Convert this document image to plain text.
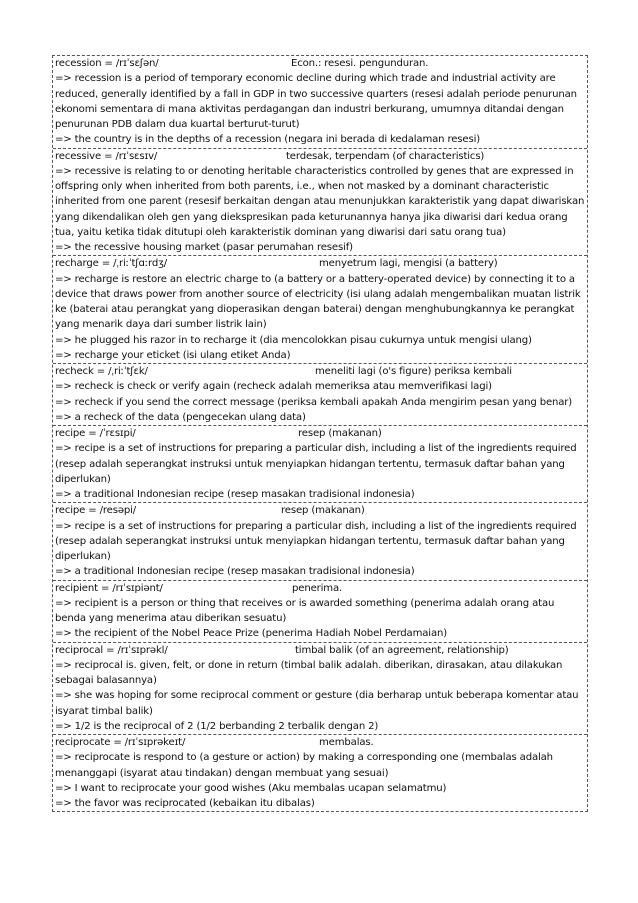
recession = /rɪˈsɛʃən/	Econ.: resesi. pengunduran.
=> recession is a period of temporary economic decline during which trade and industrial activity are reduced, generally identified by a fall in GDP in two successive quarters (resesi adalah periode penurunan ekonomi sementara di mana aktivitas perdagangan dan industri berkurang, umumnya ditandai dengan penurunan PDB dalam dua kuartal berturut-turut)
=> the country is in the depths of a recession (negara ini berada di kedalaman resesi)
recessive = /rɪˈsɛsɪv/	terdesak, terpendam (of characteristics)
=> recessive is relating to or denoting heritable characteristics controlled by genes that are expressed in offspring only when inherited from both parents, i.e., when not masked by a dominant characteristic inherited from one parent (resesif berkaitan dengan atau menunjukkan karakteristik yang dapat diwariskan yang dikendalikan oleh gen yang diekspresikan pada keturunannya hanya jika diwarisi dari kedua orang tua, yaitu ketika tidak ditutupi oleh karakteristik dominan yang diwarisi dari satu orang tua)
=> the recessive housing market (pasar perumahan resesif)
recharge = /ˌriːˈtʃɑːrdʒ/	menyetrum lagi, mengisi (a battery)
=> recharge is restore an electric charge to (a battery or a battery-operated device) by connecting it to a device that draws power from another source of electricity (isi ulang adalah mengembalikan muatan listrik ke (baterai atau perangkat yang dioperasikan dengan baterai) dengan menghubungkannya ke perangkat yang menarik daya dari sumber listrik lain)
=> he plugged his razor in to recharge it (dia mencolokkan pisau cukurnya untuk mengisi ulang)
=> recharge your eticket (isi ulang etiket Anda)
recheck = /ˌriːˈtʃɛk/	meneliti lagi (o's figure) periksa kembali
=> recheck is check or verify again (recheck adalah memeriksa atau memverifikasi lagi)
=> recheck if you send the correct message (periksa kembali apakah Anda mengirim pesan yang benar)
=> a recheck of the data (pengecekan ulang data)
recipe = /ˈrɛsɪpi/	resep (makanan)
=> recipe is a set of instructions for preparing a particular dish, including a list of the ingredients required (resep adalah seperangkat instruksi untuk menyiapkan hidangan tertentu, termasuk daftar bahan yang diperlukan)
=> a traditional Indonesian recipe (resep masakan tradisional indonesia)
recipe = /resəpi/	resep (makanan)
=> recipe is a set of instructions for preparing a particular dish, including a list of the ingredients required (resep adalah seperangkat instruksi untuk menyiapkan hidangan tertentu, termasuk daftar bahan yang diperlukan)
=> a traditional Indonesian recipe (resep masakan tradisional indonesia)
recipient = /rɪˈsɪpiənt/	penerima.
=> recipient is a person or thing that receives or is awarded something (penerima adalah orang atau benda yang menerima atau diberikan sesuatu)
=> the recipient of the Nobel Peace Prize (penerima Hadiah Nobel Perdamaian)
reciprocal = /rɪˈsɪprəkl/	timbal balik (of an agreement, relationship)
=> reciprocal is. given, felt, or done in return (timbal balik adalah. diberikan, dirasakan, atau dilakukan sebagai balasannya)
=> she was hoping for some reciprocal comment or gesture (dia berharap untuk beberapa komentar atau isyarat timbal balik)
=> 1/2 is the reciprocal of 2 (1/2 berbanding 2 terbalik dengan 2)
reciprocate = /rɪˈsɪprəkeɪt/	membalas.
=> reciprocate is respond to (a gesture or action) by making a corresponding one (membalas adalah menanggapi (isyarat atau tindakan) dengan membuat yang sesuai)
=> I want to reciprocate your good wishes (Aku membalas ucapan selamatmu)
=> the favor was reciprocated (kebaikan itu dibalas)
